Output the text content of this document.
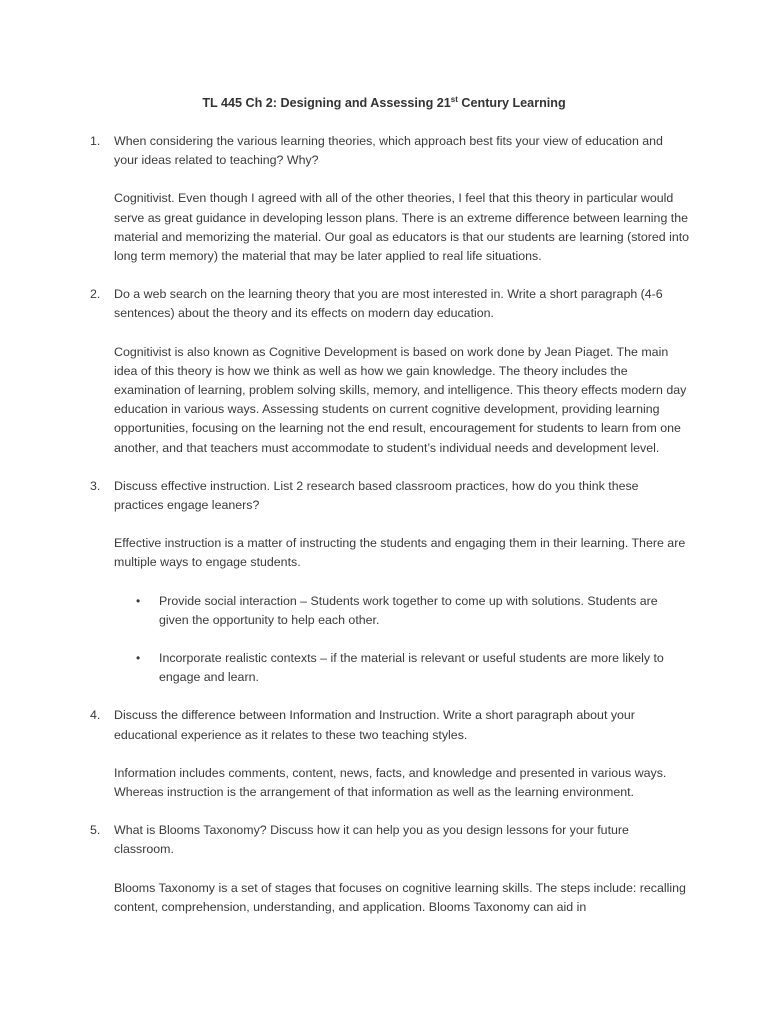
TL 445 Ch 2: Designing and Assessing 21st Century Learning
1. When considering the various learning theories, which approach best fits your view of education and your ideas related to teaching? Why?
Cognitivist. Even though I agreed with all of the other theories, I feel that this theory in particular would serve as great guidance in developing lesson plans. There is an extreme difference between learning the material and memorizing the material. Our goal as educators is that our students are learning (stored into long term memory) the material that may be later applied to real life situations.
2. Do a web search on the learning theory that you are most interested in. Write a short paragraph (4-6 sentences) about the theory and its effects on modern day education.
Cognitivist is also known as Cognitive Development is based on work done by Jean Piaget. The main idea of this theory is how we think as well as how we gain knowledge. The theory includes the examination of learning, problem solving skills, memory, and intelligence. This theory effects modern day education in various ways. Assessing students on current cognitive development, providing learning opportunities, focusing on the learning not the end result, encouragement for students to learn from one another, and that teachers must accommodate to student’s individual needs and development level.
3. Discuss effective instruction. List 2 research based classroom practices, how do you think these practices engage leaners?
Effective instruction is a matter of instructing the students and engaging them in their learning. There are multiple ways to engage students.
• Provide social interaction – Students work together to come up with solutions. Students are given the opportunity to help each other.
• Incorporate realistic contexts – if the material is relevant or useful students are more likely to engage and learn.
4. Discuss the difference between Information and Instruction. Write a short paragraph about your educational experience as it relates to these two teaching styles.
Information includes comments, content, news, facts, and knowledge and presented in various ways. Whereas instruction is the arrangement of that information as well as the learning environment.
5. What is Blooms Taxonomy? Discuss how it can help you as you design lessons for your future classroom.
Blooms Taxonomy is a set of stages that focuses on cognitive learning skills. The steps include: recalling content, comprehension, understanding, and application. Blooms Taxonomy can aid in
